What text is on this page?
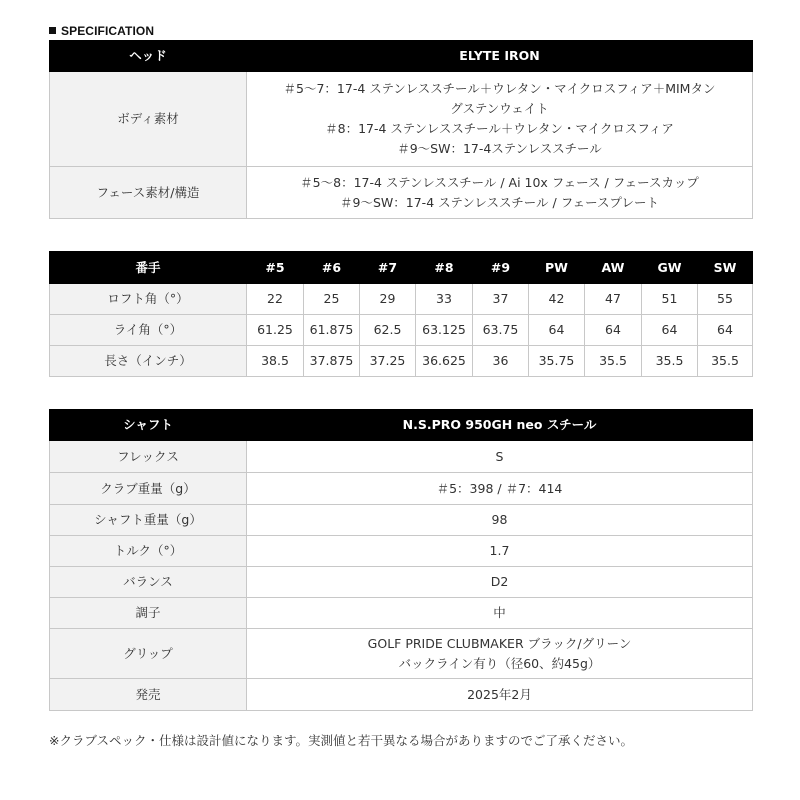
SPECIFICATION
ヘッド	ELYTE IRON
ボディ素材	＃5〜7：17-4 ステンレススチール＋ウレタン・マイクロスフィア＋MIMタン
グステンウェイト
＃8：17-4 ステンレススチール＋ウレタン・マイクロスフィア
＃9〜SW：17-4ステンレススチール

フェース素材/構造	＃5〜8：17-4 ステンレススチール / Ai 10x フェース / フェースカップ
＃9〜SW：17-4 ステンレススチール / フェースプレート
番手	#5	#6	#7	#8	#9	PW	AW	GW	SW
ロフト角（°）	22	25	29	33	37	42	47	51	55
ライ角（°）	61.25	61.875	62.5	63.125	63.75	64	64	64	64
長さ（インチ）	38.5	37.875	37.25	36.625	36	35.75	35.5	35.5	35.5
シャフト	N.S.PRO 950GH neo スチール
フレックス	S
クラブ重量（g）	＃5：398 / ＃7：414
シャフト重量（g）	98
トルク（°）	1.7
バランス	D2
調子	中
グリップ	GOLF PRIDE CLUBMAKER ブラック/グリーン
バックライン有り（径60、約45g）

発売	2025年2月
※クラブスペック・仕様は設計値になります。実測値と若干異なる場合がありますのでご了承ください。
